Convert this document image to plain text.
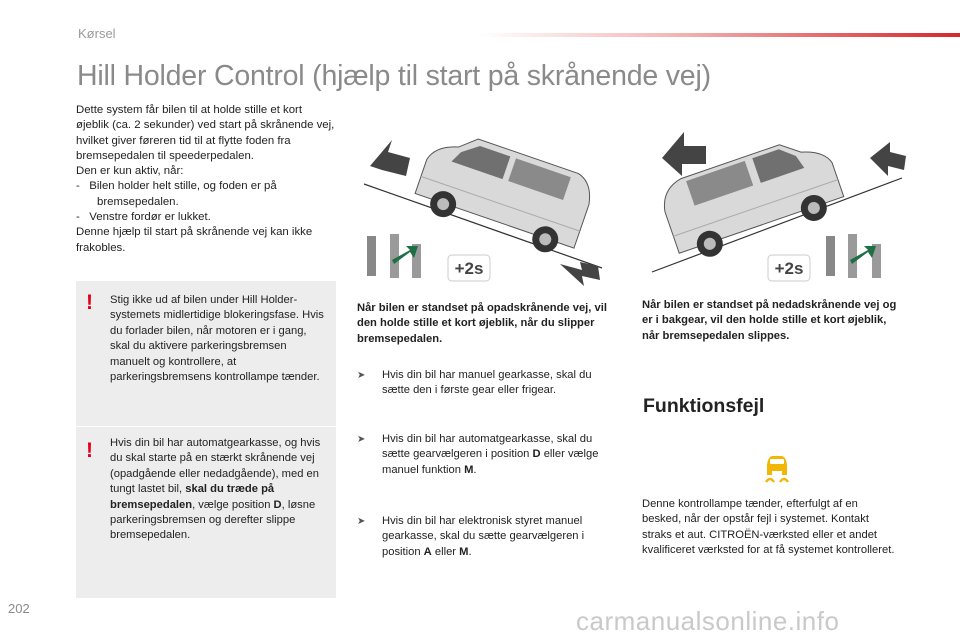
Kørsel
Hill Holder Control (hjælp til start på skrånende vej)

Dette system får bilen til at holde stille et kort øjeblik (ca. 2 sekunder) ved start på skrånende vej, hvilket giver føreren tid til at flytte foden fra bremsepedalen til speederpedalen.

Den er kun aktiv, når:

-   Bilen holder helt stille, og foden er på bremsepedalen.

-   Venstre fordør er lukket.

Denne hjælp til start på skrånende vej kan ikke frakobles.

! Stig ikke ud af bilen under Hill Holder-systemets midlertidige blokeringsfase. Hvis du forlader bilen, når motoren er i gang, skal du aktivere parkeringsbremsen manuelt og kontrollere, at parkeringsbremsens kontrollampe tænder.
! Hvis din bil har automatgearkasse, og hvis du skal starte på en stærkt skrånende vej (opadgående eller nedadgående), med en tungt lastet bil, skal du træde på bremsepedalen, vælge position D, løsne parkeringsbremsen og derefter slippe bremsepedalen.
+2s	+2s
Når bilen er standset på opadskrånende vej, vil den holde stille et kort øjeblik, når du slipper bremsepedalen.
Når bilen er standset på nedadskrånende vej og er i bakgear, vil den holde stille et kort øjeblik, når bremsepedalen slippes.
➤ Hvis din bil har manuel gearkasse, skal du sætte den i første gear eller frigear.
➤ Hvis din bil har automatgearkasse, skal du sætte gearvælgeren i position D eller vælge manuel funktion M.
➤ Hvis din bil har elektronisk styret manuel gearkasse, skal du sætte gearvælgeren i position A eller M.
Funktionsfejl
Denne kontrollampe tænder, efterfulgt af en besked, når der opstår fejl i systemet. Kontakt straks et aut. CITROËN-værksted eller et andet kvalificeret værksted for at få systemet kontrolleret.
202	carmanualsonline.info
